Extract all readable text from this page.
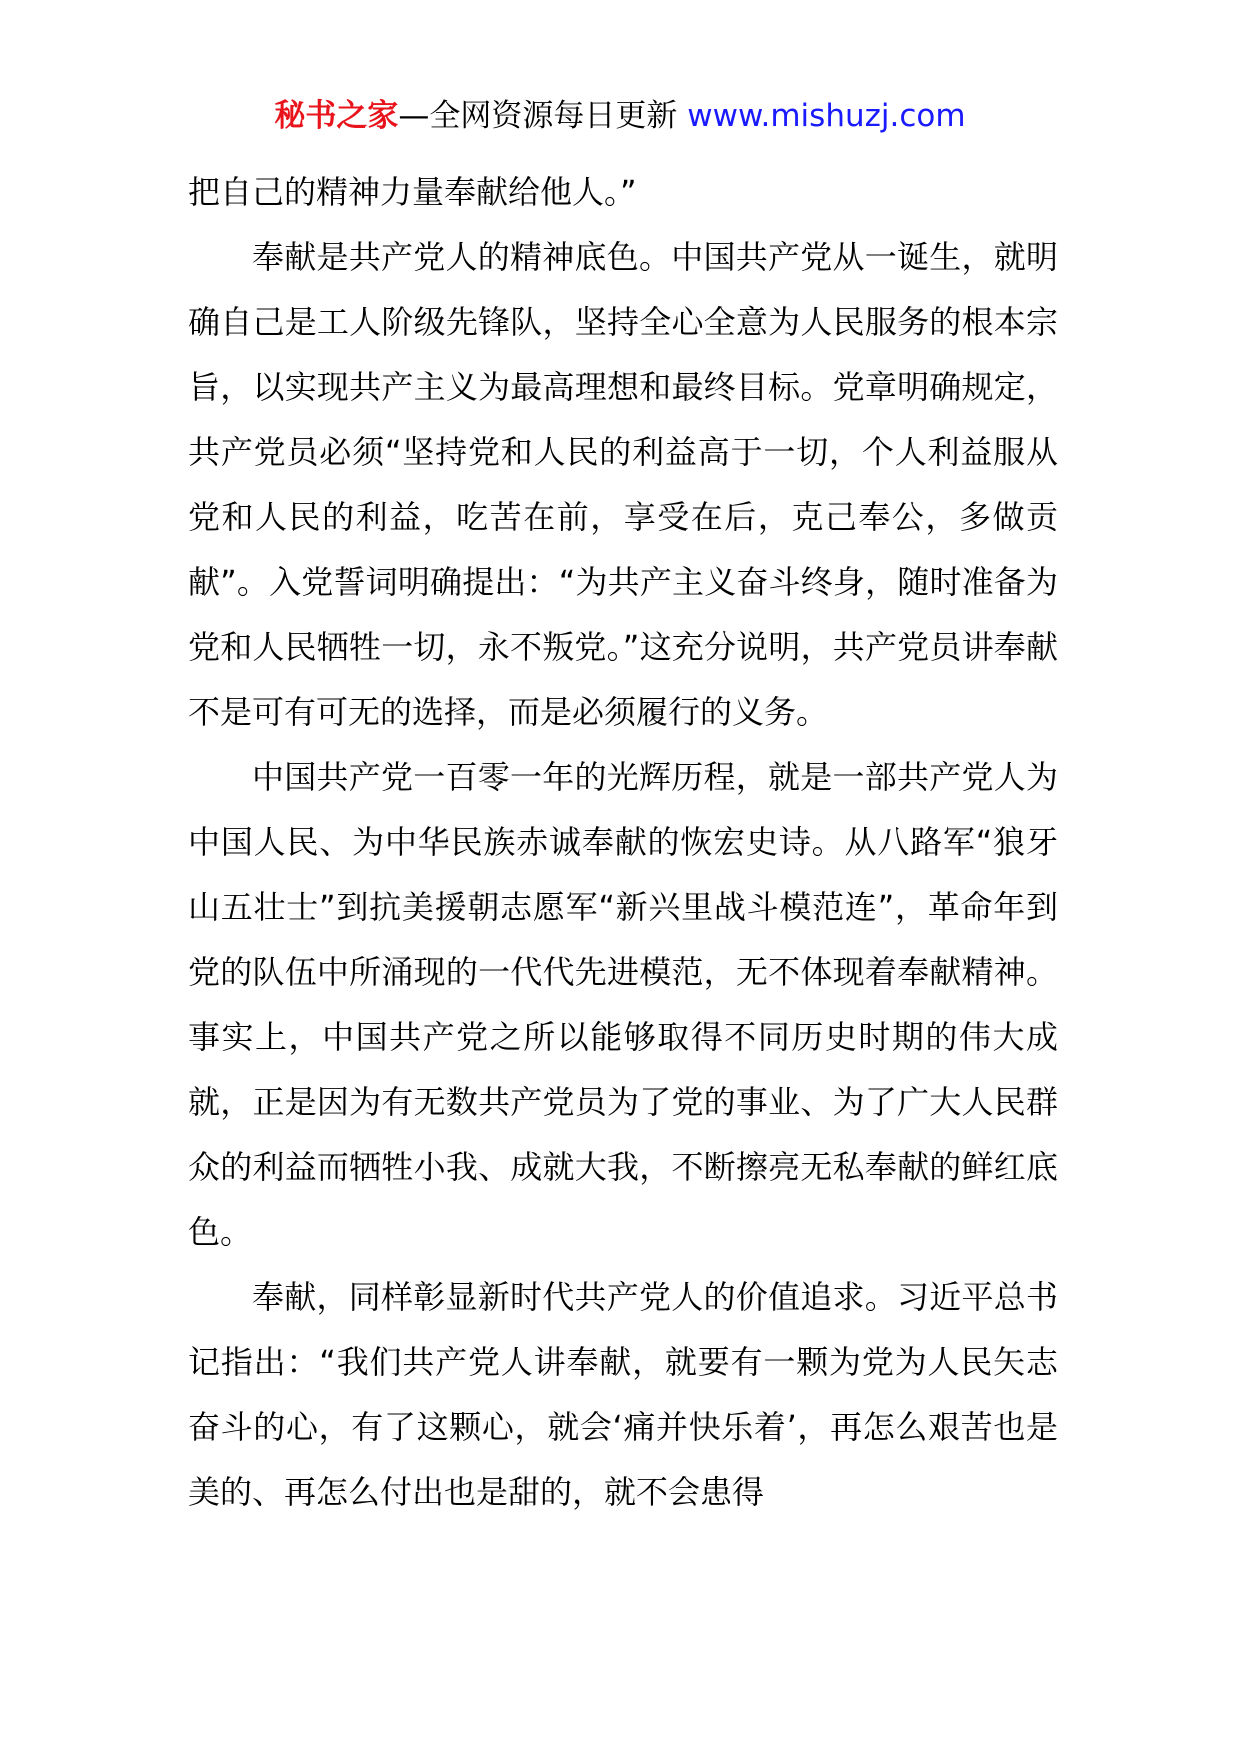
秘书之家—全网资源每日更新 www.mishuzj.com

把自己的精神力量奉献给他人。”

奉献是共产党人的精神底色。中国共产党从一诞生，就明确自己是工人阶级先锋队，坚持全心全意为人民服务的根本宗旨，以实现共产主义为最高理想和最终目标。党章明确规定，共产党员必须“坚持党和人民的利益高于一切，个人利益服从党和人民的利益，吃苦在前，享受在后，克己奉公，多做贡献”。入党誓词明确提出：“为共产主义奋斗终身，随时准备为党和人民牺牲一切，永不叛党。”这充分说明，共产党员讲奉献不是可有可无的选择，而是必须履行的义务。

中国共产党一百零一年的光辉历程，就是一部共产党人为中国人民、为中华民族赤诚奉献的恢宏史诗。从八路军“狼牙山五壮士”到抗美援朝志愿军“新兴里战斗模范连”，革命年到党的队伍中所涌现的一代代先进模范，无不体现着奉献精神。事实上，中国共产党之所以能够取得不同历史时期的伟大成就，正是因为有无数共产党员为了党的事业、为了广大人民群众的利益而牺牲小我、成就大我，不断擦亮无私奉献的鲜红底色。

奉献，同样彰显新时代共产党人的价值追求。习近平总书记指出：“我们共产党人讲奉献，就要有一颗为党为人民矢志奋斗的心，有了这颗心，就会‘痛并快乐着’，再怎么艰苦也是美的、再怎么付出也是甜的，就不会患得
